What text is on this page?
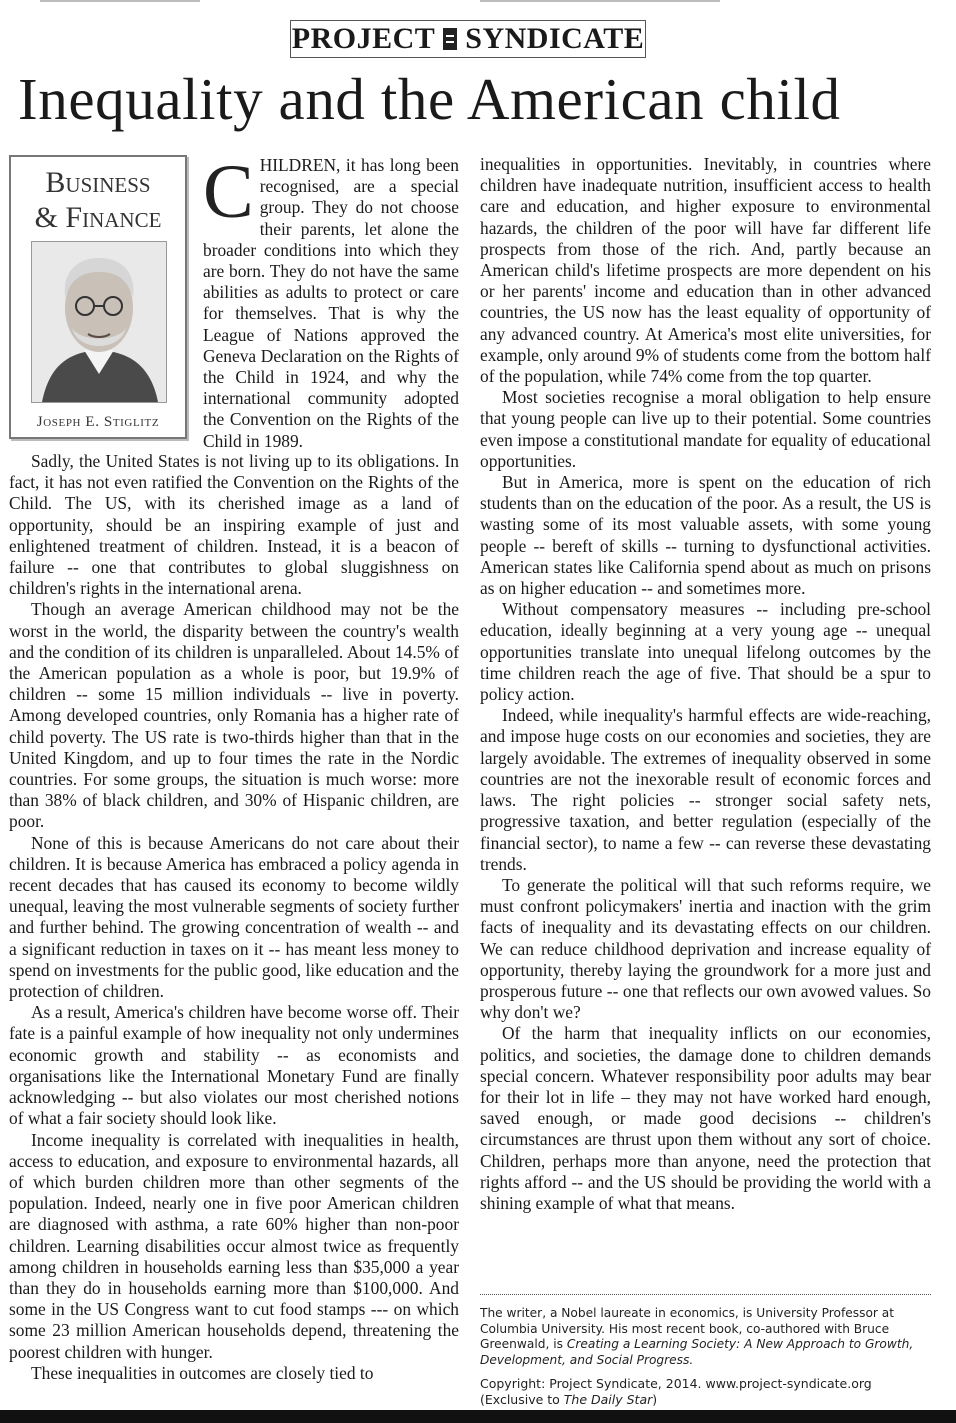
PROJECT SYNDICATE
Inequality and the American child
Business
& Finance
Joseph E. Stiglitz

CHILDREN, it has long been recognised, are a special group. They do not choose their parents, let alone the broader conditions into which they are born. They do not have the same abilities as adults to protect or care for themselves. That is why the League of Nations approved the Geneva Declaration on the Rights of the Child in 1924, and why the international community adopted the Convention on the Rights of the Child in 1989.

Sadly, the United States is not living up to its obligations. In fact, it has not even ratified the Convention on the Rights of the Child. The US, with its cherished image as a land of opportunity, should be an inspiring example of just and enlightened treatment of children. Instead, it is a beacon of failure -- one that contributes to global sluggishness on children's rights in the international arena.

Though an average American childhood may not be the worst in the world, the disparity between the country's wealth and the condition of its children is unparalleled. About 14.5% of the American population as a whole is poor, but 19.9% of children -- some 15 million individuals -- live in poverty. Among developed countries, only Romania has a higher rate of child poverty. The US rate is two-thirds higher than that in the United Kingdom, and up to four times the rate in the Nordic countries. For some groups, the situation is much worse: more than 38% of black children, and 30% of Hispanic children, are poor.

None of this is because Americans do not care about their children. It is because America has embraced a policy agenda in recent decades that has caused its economy to become wildly unequal, leaving the most vulnerable segments of society further and further behind. The growing concentration of wealth -- and a significant reduction in taxes on it -- has meant less money to spend on investments for the public good, like education and the protection of children.

As a result, America's children have become worse off. Their fate is a painful example of how inequality not only undermines economic growth and stability -- as economists and organisations like the International Monetary Fund are finally acknowledging -- but also violates our most cherished notions of what a fair society should look like.

Income inequality is correlated with inequalities in health, access to education, and exposure to environmental hazards, all of which burden children more than other segments of the population. Indeed, nearly one in five poor American children are diagnosed with asthma, a rate 60% higher than non-poor children. Learning disabilities occur almost twice as frequently among children in households earning less than $35,000 a year than they do in households earning more than $100,000. And some in the US Congress want to cut food stamps --- on which some 23 million American households depend, threatening the poorest children with hunger.

These inequalities in outcomes are closely tied to

inequalities in opportunities. Inevitably, in countries where children have inadequate nutrition, insufficient access to health care and education, and higher exposure to environmental hazards, the children of the poor will have far different life prospects from those of the rich. And, partly because an American child's lifetime prospects are more dependent on his or her parents' income and education than in other advanced countries, the US now has the least equality of opportunity of any advanced country. At America's most elite universities, for example, only around 9% of students come from the bottom half of the population, while 74% come from the top quarter.

Most societies recognise a moral obligation to help ensure that young people can live up to their potential. Some countries even impose a constitutional mandate for equality of educational opportunities.

But in America, more is spent on the education of rich students than on the education of the poor. As a result, the US is wasting some of its most valuable assets, with some young people -- bereft of skills -- turning to dysfunctional activities. American states like California spend about as much on prisons as on higher education -- and sometimes more.

Without compensatory measures -- including pre-school education, ideally beginning at a very young age -- unequal opportunities translate into unequal lifelong outcomes by the time children reach the age of five. That should be a spur to policy action.

Indeed, while inequality's harmful effects are wide-reaching, and impose huge costs on our economies and societies, they are largely avoidable. The extremes of inequality observed in some countries are not the inexorable result of economic forces and laws. The right policies -- stronger social safety nets, progressive taxation, and better regulation (especially of the financial sector), to name a few -- can reverse these devastating trends.

To generate the political will that such reforms require, we must confront policymakers' inertia and inaction with the grim facts of inequality and its devastating effects on our children. We can reduce childhood deprivation and increase equality of opportunity, thereby laying the groundwork for a more just and prosperous future -- one that reflects our own avowed values. So why don't we?

Of the harm that inequality inflicts on our economies, politics, and societies, the damage done to children demands special concern. Whatever responsibility poor adults may bear for their lot in life – they may not have worked hard enough, saved enough, or made good decisions -- children's circumstances are thrust upon them without any sort of choice. Children, perhaps more than anyone, need the protection that rights afford -- and the US should be providing the world with a shining example of what that means.

The writer, a Nobel laureate in economics, is University Professor at Columbia University. His most recent book, co-authored with Bruce Greenwald, is Creating a Learning Society: A New Approach to Growth, Development, and Social Progress.
Copyright: Project Syndicate, 2014. www.project-syndicate.org
(Exclusive to The Daily Star)
